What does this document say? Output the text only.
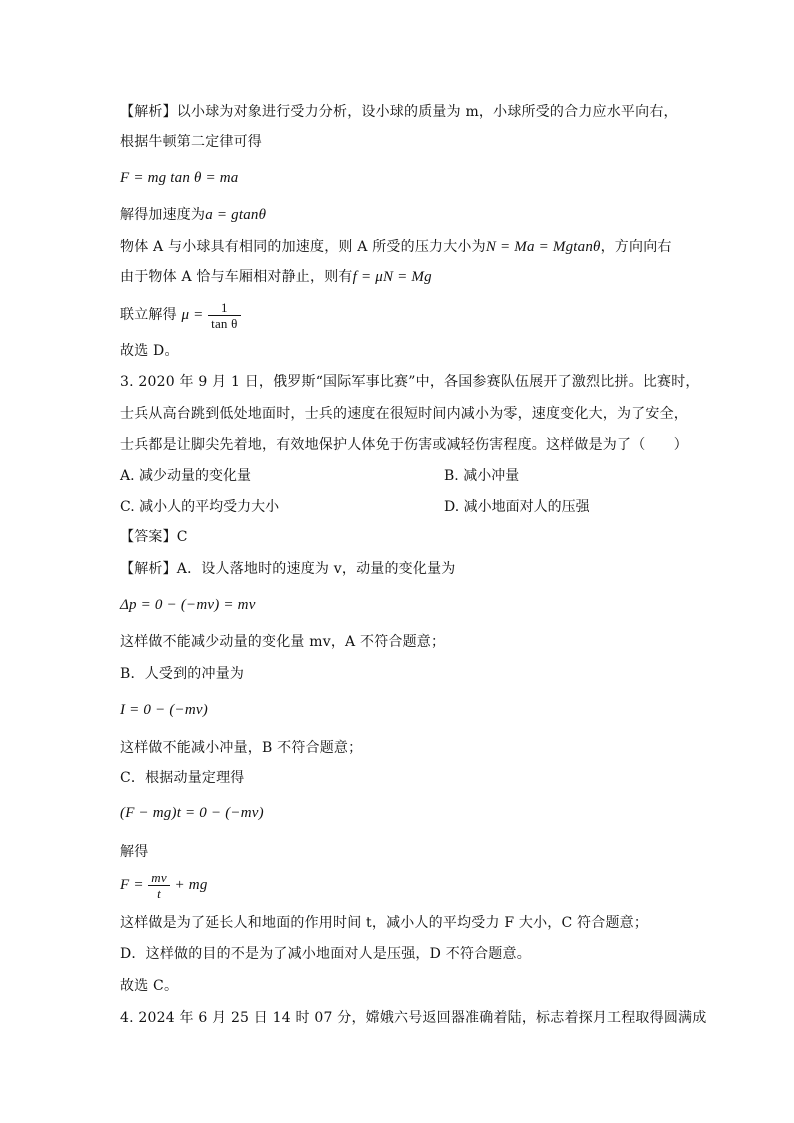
【解析】以小球为对象进行受力分析，设小球的质量为 m，小球所受的合力应水平向右，
根据牛顿第二定律可得
F = mg tan θ = ma
解得加速度为a = gtanθ
物体 A 与小球具有相同的加速度，则 A 所受的压力大小为N = Ma = Mgtanθ，方向向右
由于物体 A 恰与车厢相对静止，则有f = μN = Mg
联立解得 $\mu = \frac{1}{\text{tan θ}}$
故选 D。
3. 2020 年 9 月 1 日，俄罗斯“国际军事比赛”中，各国参赛队伍展开了激烈比拼。比赛时，
士兵从高台跳到低处地面时，士兵的速度在很短时间内减小为零，速度变化大，为了安全，
士兵都是让脚尖先着地，有效地保护人体免于伤害或减轻伤害程度。这样做是为了（　　）
A. 减少动量的变化量	B. 减小冲量
C. 减小人的平均受力大小	D. 减小地面对人的压强
【答案】C
【解析】A．设人落地时的速度为 v，动量的变化量为
Δp = 0 − (−mv) = mv
这样做不能减少动量的变化量 mv，A 不符合题意；
B．人受到的冲量为
I = 0 − (−mv)
这样做不能减小冲量，B 不符合题意；
C．根据动量定理得
(F − mg)t = 0 − (−mv)
解得
$F = \frac{mv}{t}$ + mg
这样做是为了延长人和地面的作用时间 t，减小人的平均受力 F 大小，C 符合题意；
D．这样做的目的不是为了减小地面对人是压强，D 不符合题意。
故选 C。
4. 2024 年 6 月 25 日 14 时 07 分，嫦娥六号返回器准确着陆，标志着探月工程取得圆满成
